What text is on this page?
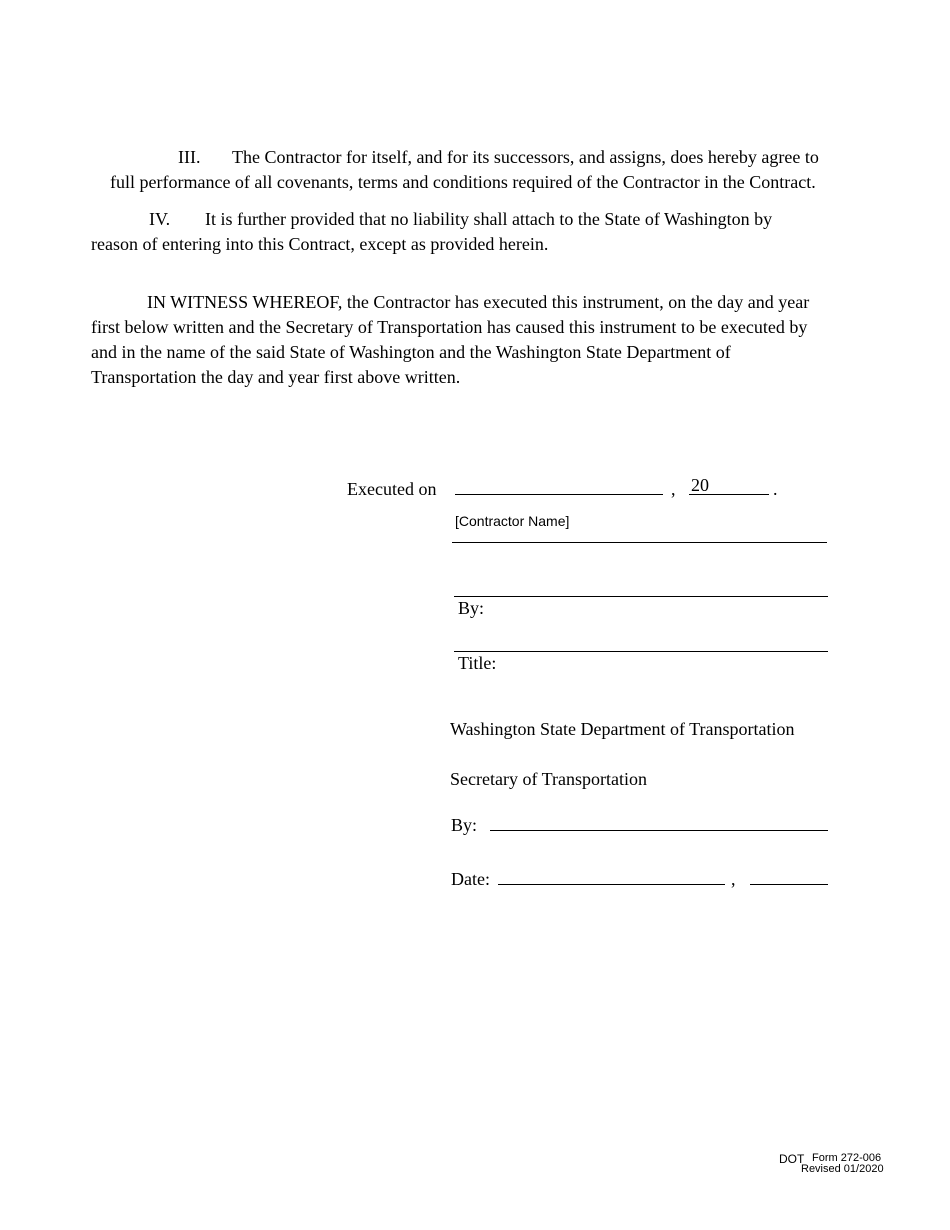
III. The Contractor for itself, and for its successors, and assigns, does hereby agree to
full performance of all covenants, terms and conditions required of the Contractor in the Contract.
IV. It is further provided that no liability shall attach to the State of Washington by
reason of entering into this Contract, except as provided herein.
IN WITNESS WHEREOF, the Contractor has executed this instrument, on the day and year
first below written and the Secretary of Transportation has caused this instrument to be executed by
and in the name of the said State of Washington and the Washington State Department of
Transportation the day and year first above written.
Executed on	, 20	.
[Contractor Name]
By:
Title:
Washington State Department of Transportation
Secretary of Transportation
By:
Date:	,
DOT Form 272-006
Revised 01/2020
